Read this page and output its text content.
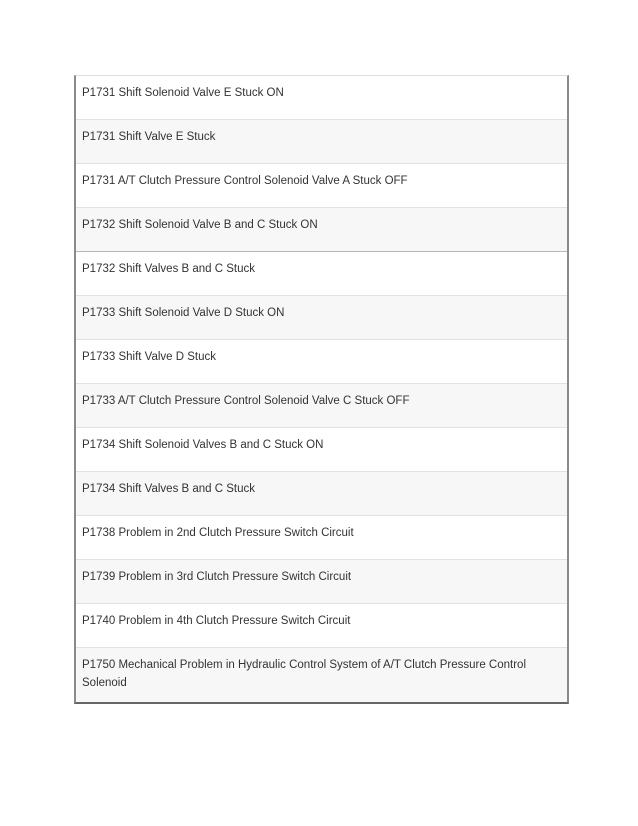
P1731 Shift Solenoid Valve E Stuck ON
P1731 Shift Valve E Stuck
P1731 A/T Clutch Pressure Control Solenoid Valve A Stuck OFF
P1732 Shift Solenoid Valve B and C Stuck ON
P1732 Shift Valves B and C Stuck
P1733 Shift Solenoid Valve D Stuck ON
P1733 Shift Valve D Stuck
P1733 A/T Clutch Pressure Control Solenoid Valve C Stuck OFF
P1734 Shift Solenoid Valves B and C Stuck ON
P1734 Shift Valves B and C Stuck
P1738 Problem in 2nd Clutch Pressure Switch Circuit
P1739 Problem in 3rd Clutch Pressure Switch Circuit
P1740 Problem in 4th Clutch Pressure Switch Circuit
P1750 Mechanical Problem in Hydraulic Control System of A/T Clutch Pressure Control Solenoid
